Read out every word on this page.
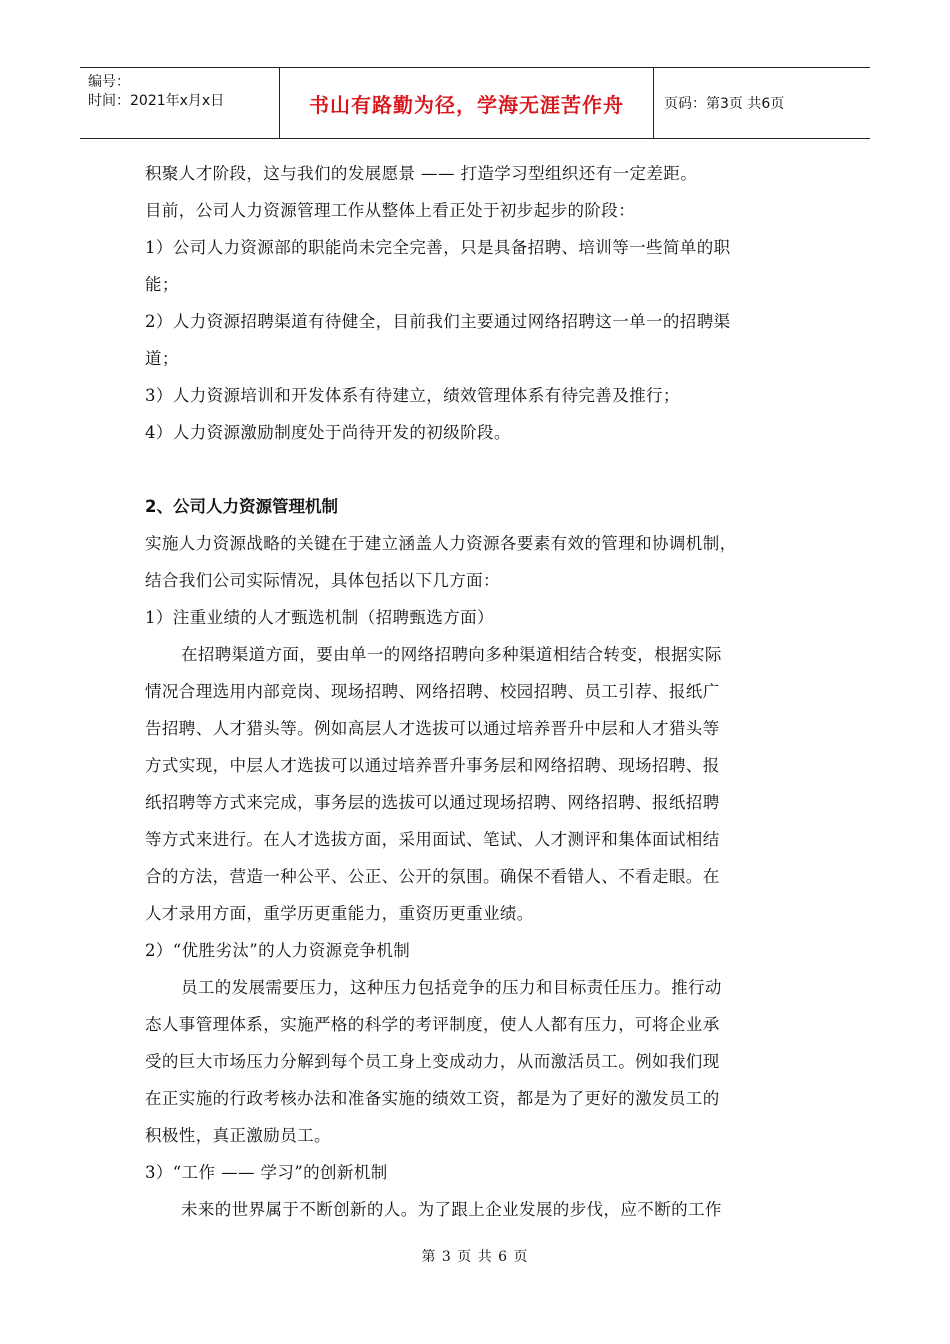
编号：
时间：2021年x月x日	书山有路勤为径，学海无涯苦作舟	页码：第3页 共6页

积聚人才阶段，这与我们的发展愿景 —— 打造学习型组织还有一定差距。

目前，公司人力资源管理工作从整体上看正处于初步起步的阶段：

1）公司人力资源部的职能尚未完全完善，只是具备招聘、培训等一些简单的职

能；

2）人力资源招聘渠道有待健全，目前我们主要通过网络招聘这一单一的招聘渠

道；

3）人力资源培训和开发体系有待建立，绩效管理体系有待完善及推行；

4）人力资源激励制度处于尚待开发的初级阶段。

2、公司人力资源管理机制

实施人力资源战略的关键在于建立涵盖人力资源各要素有效的管理和协调机制，

结合我们公司实际情况，具体包括以下几方面：

1）注重业绩的人才甄选机制（招聘甄选方面）

在招聘渠道方面，要由单一的网络招聘向多种渠道相结合转变，根据实际

情况合理选用内部竞岗、现场招聘、网络招聘、校园招聘、员工引荐、报纸广

告招聘、人才猎头等。例如高层人才选拔可以通过培养晋升中层和人才猎头等

方式实现，中层人才选拔可以通过培养晋升事务层和网络招聘、现场招聘、报

纸招聘等方式来完成，事务层的选拔可以通过现场招聘、网络招聘、报纸招聘

等方式来进行。在人才选拔方面，采用面试、笔试、人才测评和集体面试相结

合的方法，营造一种公平、公正、公开的氛围。确保不看错人、不看走眼。在

人才录用方面，重学历更重能力，重资历更重业绩。

2）“优胜劣汰”的人力资源竞争机制

员工的发展需要压力，这种压力包括竞争的压力和目标责任压力。推行动

态人事管理体系，实施严格的科学的考评制度，使人人都有压力，可将企业承

受的巨大市场压力分解到每个员工身上变成动力，从而激活员工。例如我们现

在正实施的行政考核办法和准备实施的绩效工资，都是为了更好的激发员工的

积极性，真正激励员工。

3）“工作 —— 学习”的创新机制

未来的世界属于不断创新的人。为了跟上企业发展的步伐，应不断的工作

第 3 页 共 6 页
